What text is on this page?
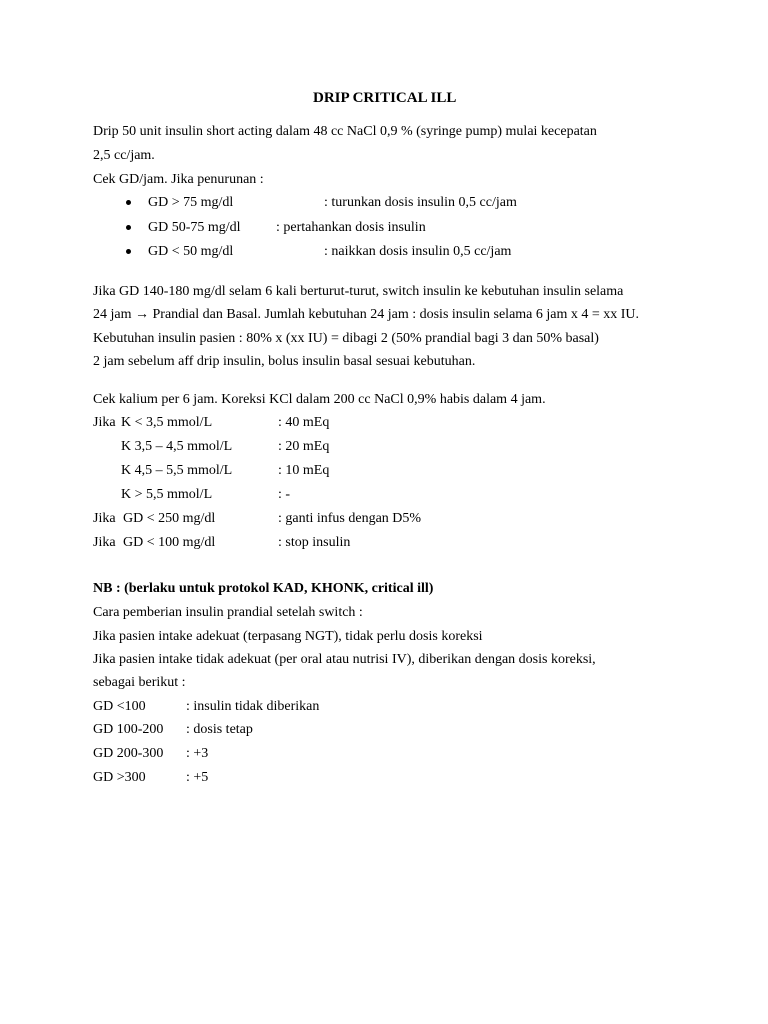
DRIP CRITICAL ILL
Drip 50 unit insulin short acting dalam 48 cc NaCl 0,9 % (syringe pump) mulai kecepatan
2,5 cc/jam.
Cek GD/jam. Jika penurunan :
GD > 75 mg/dl	: turunkan dosis insulin 0,5 cc/jam
GD 50-75 mg/dl	: pertahankan dosis insulin
GD < 50 mg/dl	: naikkan dosis insulin 0,5 cc/jam
Jika GD 140-180 mg/dl selam 6 kali berturut-turut, switch insulin ke kebutuhan insulin selama
24 jam → Prandial dan Basal. Jumlah kebutuhan 24 jam : dosis insulin selama 6 jam x 4 = xx IU.
Kebutuhan insulin pasien : 80% x (xx IU) = dibagi 2 (50% prandial bagi 3 dan 50% basal)
2 jam sebelum aff drip insulin, bolus insulin basal sesuai kebutuhan.
Cek kalium per 6 jam. Koreksi KCl dalam 200 cc NaCl 0,9% habis dalam 4 jam.
Jika K < 3,5 mmol/L	: 40 mEq
K 3,5 – 4,5 mmol/L	: 20 mEq
K 4,5 – 5,5 mmol/L	: 10 mEq
K > 5,5 mmol/L	: -
Jika GD < 250 mg/dl	: ganti infus dengan D5%
Jika GD < 100 mg/dl	: stop insulin
NB : (berlaku untuk protokol KAD, KHONK, critical ill)
Cara pemberian insulin prandial setelah switch :
Jika pasien intake adekuat (terpasang NGT), tidak perlu dosis koreksi
Jika pasien intake tidak adekuat (per oral atau nutrisi IV), diberikan dengan dosis koreksi,
sebagai berikut :
GD <100	: insulin tidak diberikan
GD 100-200 : dosis tetap
GD 200-300 : +3
GD >300	: +5
